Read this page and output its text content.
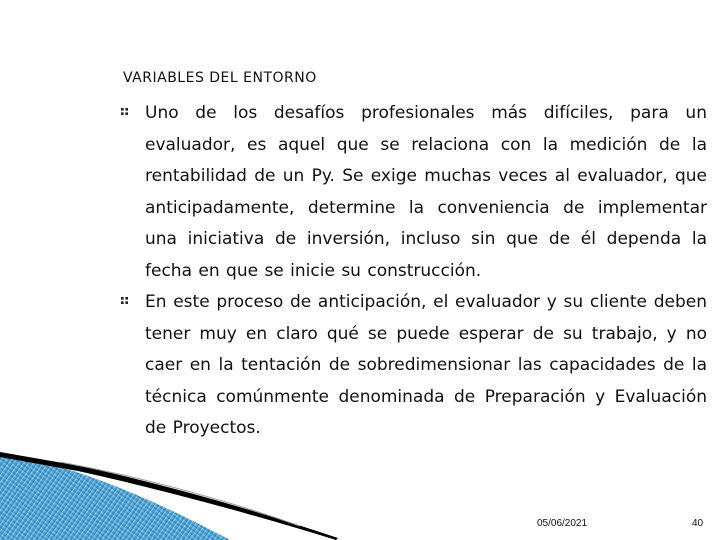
VARIABLES DEL ENTORNO
Uno de los desafíos profesionales más difíciles, para un evaluador, es aquel que se relaciona con la medición de la rentabilidad de un Py. Se exige muchas veces al evaluador, que anticipadamente, determine la conveniencia de implementar una iniciativa de inversión, incluso sin que de él dependa la fecha en que se inicie su construcción.
En este proceso de anticipación, el evaluador y su cliente deben tener muy en claro qué se puede esperar de su trabajo, y no caer en la tentación de sobredimensionar las capacidades de la técnica comúnmente denominada de Preparación y Evaluación de Proyectos.
05/06/2021	40
